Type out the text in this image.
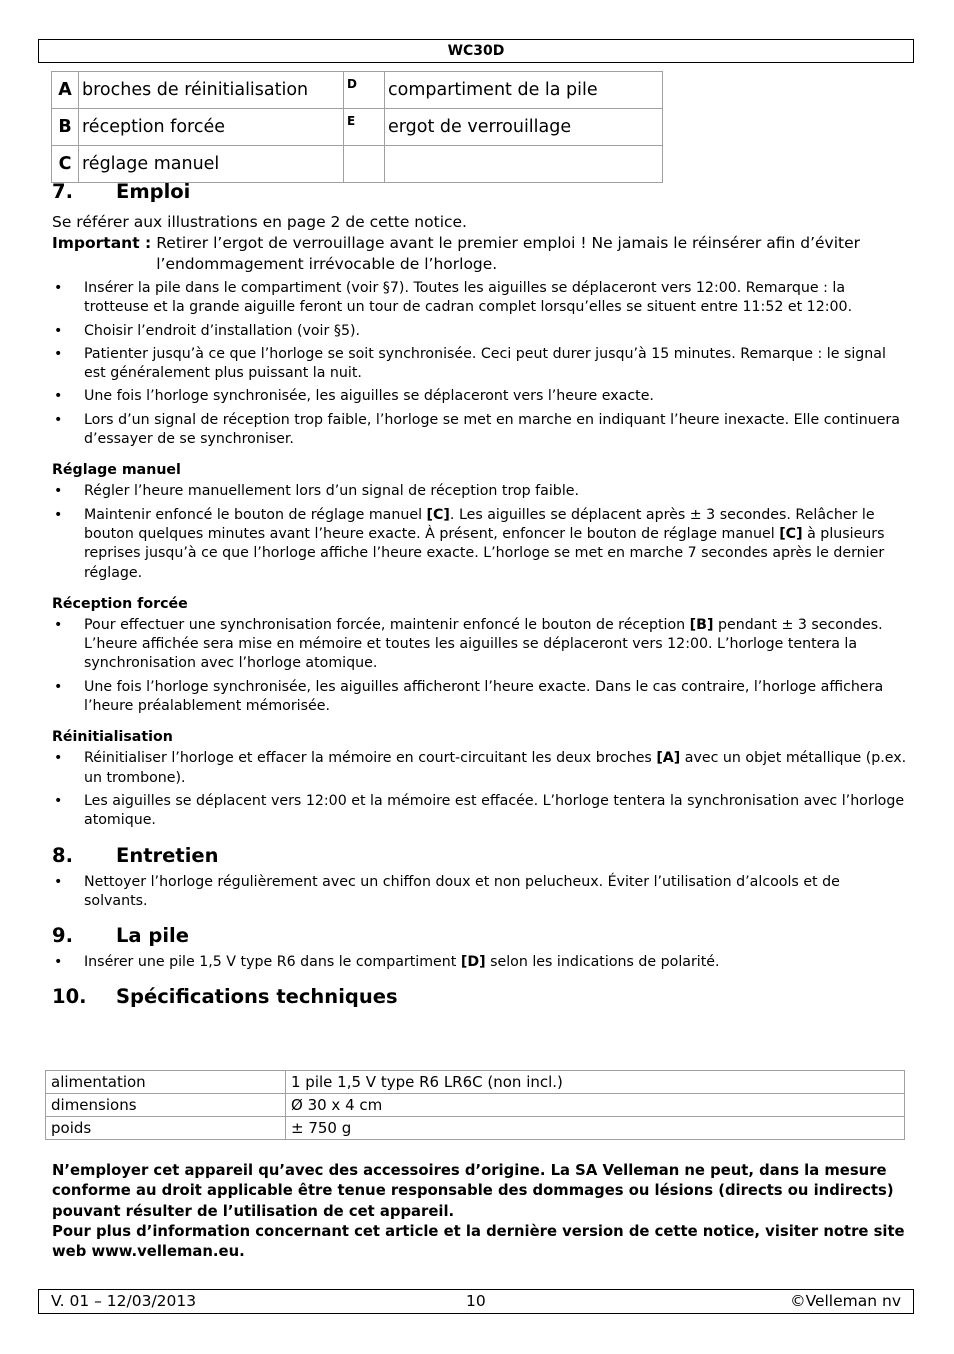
WC30D
A	broches de réinitialisation	D	compartiment de la pile
B	réception forcée	E	ergot de verrouillage
C	réglage manuel		
7.	Emploi
Se référer aux illustrations en page 2 de cette notice.
Important : Retirer l’ergot de verrouillage avant le premier emploi ! Ne jamais le réinsérer afin d’éviter l’endommagement irrévocable de l’horloge.
• Insérer la pile dans le compartiment (voir §7). Toutes les aiguilles se déplaceront vers 12:00. Remarque : la trotteuse et la grande aiguille feront un tour de cadran complet lorsqu’elles se situent entre 11:52 et 12:00.
• Choisir l’endroit d’installation (voir §5).
• Patienter jusqu’à ce que l’horloge se soit synchronisée. Ceci peut durer jusqu’à 15 minutes. Remarque : le signal est généralement plus puissant la nuit.
• Une fois l’horloge synchronisée, les aiguilles se déplaceront vers l’heure exacte.
• Lors d’un signal de réception trop faible, l’horloge se met en marche en indiquant l’heure inexacte. Elle continuera d’essayer de se synchroniser.
Réglage manuel
• Régler l’heure manuellement lors d’un signal de réception trop faible.
• Maintenir enfoncé le bouton de réglage manuel [C]. Les aiguilles se déplacent après ± 3 secondes. Relâcher le bouton quelques minutes avant l’heure exacte. À présent, enfoncer le bouton de réglage manuel [C] à plusieurs reprises jusqu’à ce que l’horloge affiche l’heure exacte. L’horloge se met en marche 7 secondes après le dernier réglage.
Réception forcée
• Pour effectuer une synchronisation forcée, maintenir enfoncé le bouton de réception [B] pendant ± 3 secondes. L’heure affichée sera mise en mémoire et toutes les aiguilles se déplaceront vers 12:00. L’horloge tentera la synchronisation avec l’horloge atomique.
• Une fois l’horloge synchronisée, les aiguilles afficheront l’heure exacte. Dans le cas contraire, l’horloge affichera l’heure préalablement mémorisée.
Réinitialisation
• Réinitialiser l’horloge et effacer la mémoire en court-circuitant les deux broches [A] avec un objet métallique (p.ex. un trombone).
• Les aiguilles se déplacent vers 12:00 et la mémoire est effacée. L’horloge tentera la synchronisation avec l’horloge atomique.
8.	Entretien
• Nettoyer l’horloge régulièrement avec un chiffon doux et non pelucheux. Éviter l’utilisation d’alcools et de solvants.
9.	La pile
• Insérer une pile 1,5 V type R6 dans le compartiment [D] selon les indications de polarité.
10.	Spécifications techniques
alimentation	1 pile 1,5 V type R6 LR6C (non incl.)
dimensions	Ø 30 x 4 cm
poids	± 750 g
N’employer cet appareil qu’avec des accessoires d’origine. La SA Velleman ne peut, dans la mesure conforme au droit applicable être tenue responsable des dommages ou lésions (directs ou indirects) pouvant résulter de l’utilisation de cet appareil.
Pour plus d’information concernant cet article et la dernière version de cette notice, visiter notre site web www.velleman.eu.
V. 01 – 12/03/2013	10	©Velleman nv
